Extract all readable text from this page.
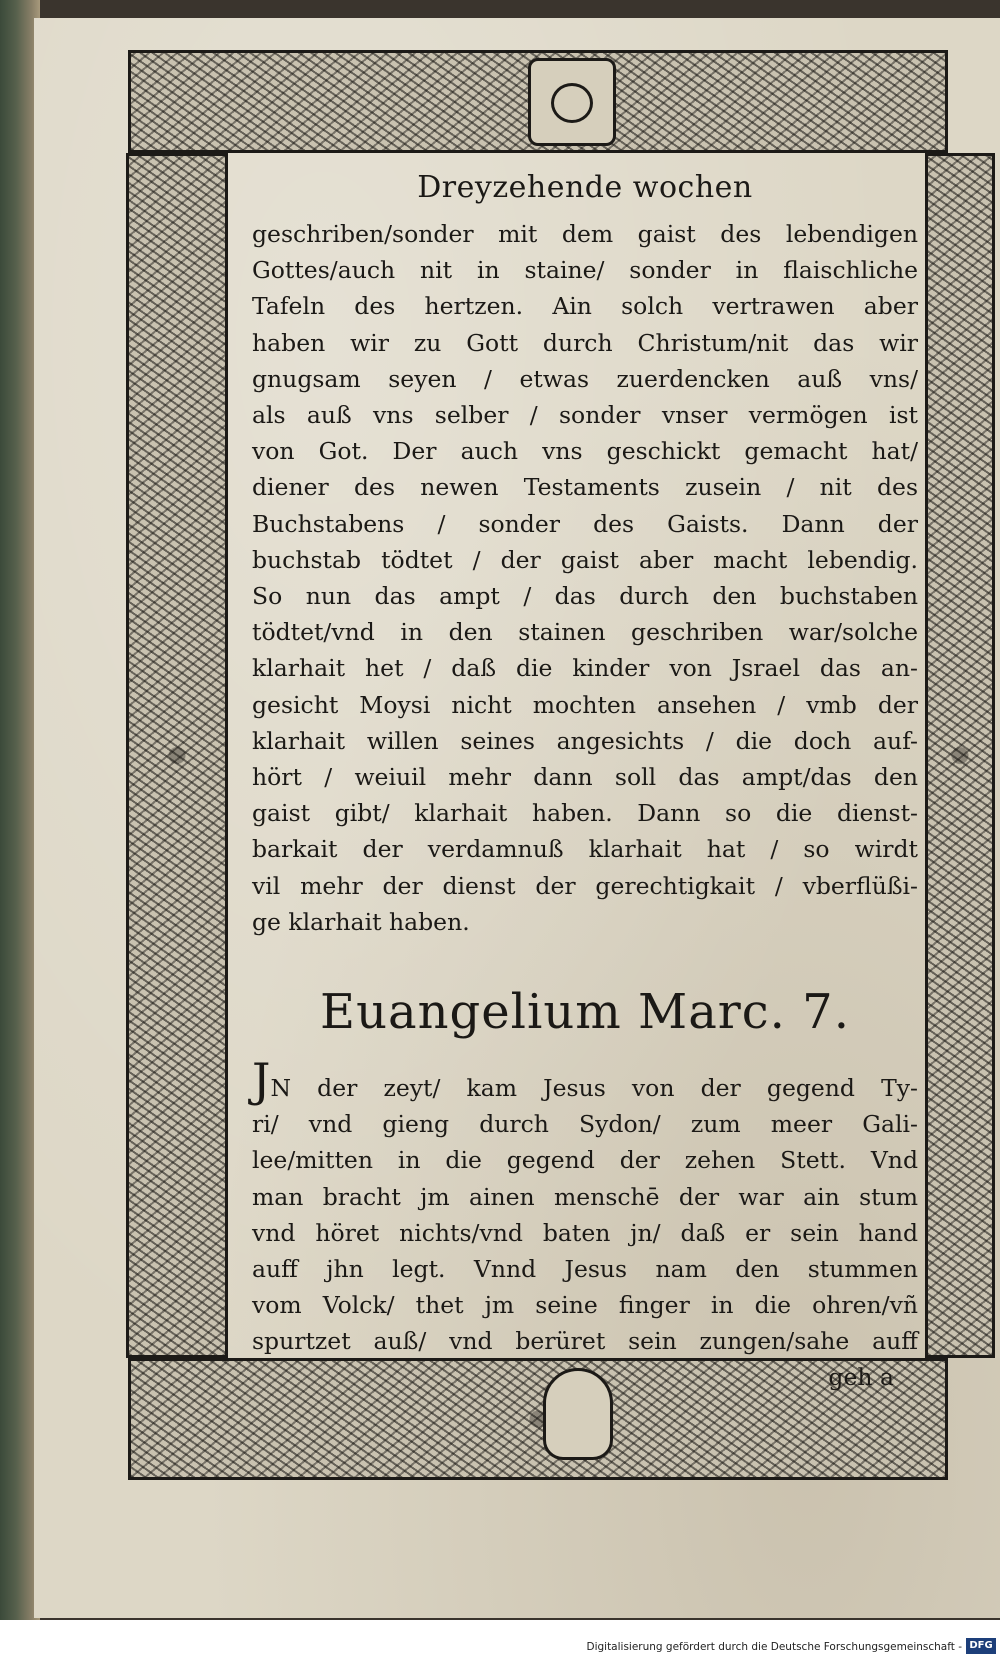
Dreyzehende wochen
geschriben/sonder mit dem gaist des lebendigen
Gottes/auch nit in staine/ sonder in flaischliche
Tafeln des hertzen. Ain solch vertrawen aber
haben wir zu Gott durch Christum/nit das wir
gnugsam seyen / etwas zuerdencken auß vns/
als auß vns selber / sonder vnser vermögen ist
von Got. Der auch vns geschickt gemacht hat/
diener des newen Testaments zusein / nit des
Buchstabens / sonder des Gaists. Dann der
buchstab tödtet / der gaist aber macht lebendig.
So nun das ampt / das durch den buchstaben
tödtet/vnd in den stainen geschriben war/solche
klarhait het / daß die kinder von Jsrael das an-
gesicht Moysi nicht mochten ansehen / vmb der
klarhait willen seines angesichts / die doch auf-
hört / weiuil mehr dann soll das ampt/das den
gaist gibt/ klarhait haben. Dann so die dienst-
barkait der verdamnuß klarhait hat / so wirdt
vil mehr der dienst der gerechtigkait / vberflüßi-
ge klarhait haben.
Euangelium Marc. 7.
JN der zeyt/ kam Jesus von der gegend Ty-
ri/ vnd gieng durch Sydon/ zum meer Gali-
lee/mitten in die gegend der zehen Stett. Vnd
man bracht jm ainen menschē der war ain stum
vnd höret nichts/vnd baten jn/ daß er sein hand
auff jhn legt. Vnnd Jesus nam den stummen
vom Volck/ thet jm seine finger in die ohren/vñ
spurtzet auß/ vnd berüret sein zungen/sahe auff
geh a
Digitalisierung gefördert durch die Deutsche Forschungsgemeinschaft - DFG
